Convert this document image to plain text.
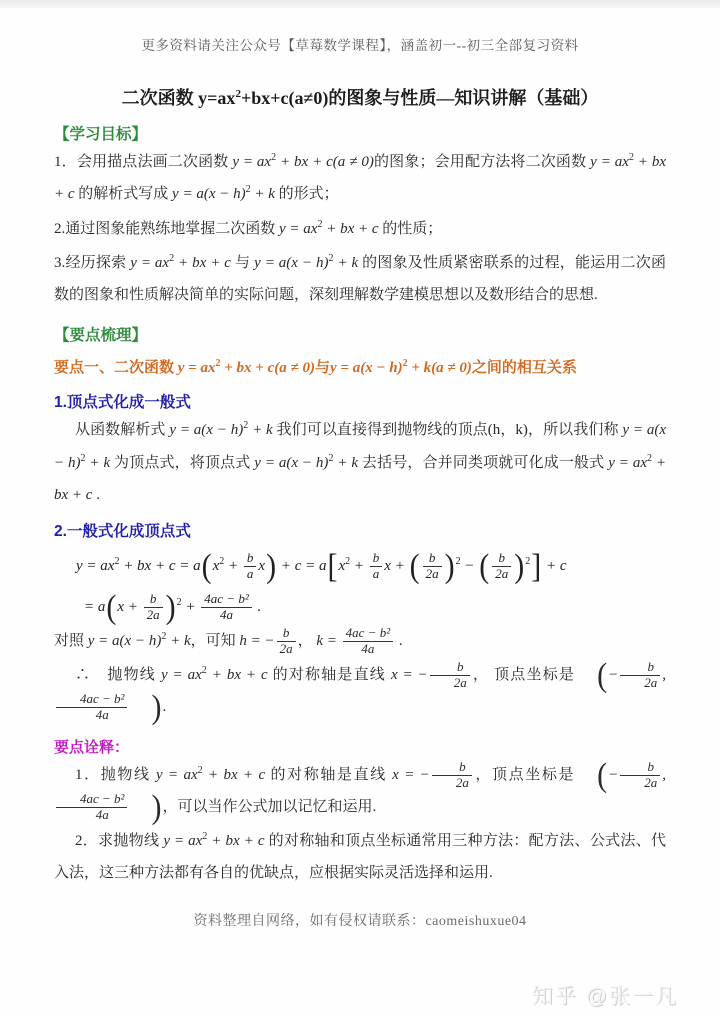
更多资料请关注公众号【草莓数学课程】，涵盖初一--初三全部复习资料
二次函数 $y=ax^2+bx+c(a\ne 0)$的图象与性质—知识讲解（基础）
【学习目标】

1．会用描点法画二次函数 $y = ax^2$ + bx + c(a ≠ 0)的图象；会用配方法将二次函数 $y = ax^2$ + bx + c 的解析式写成 $y = a(x - h)^2 + k$ 的形式；

2.通过图象能熟练地掌握二次函数 $y = ax^2$ + bx + c 的性质；

3.经历探索 $y = ax^2$ + bx + c 与 $y = a(x - h)^2 + k$ 的图象及性质紧密联系的过程，能运用二次函数的图象和性质解决简单的实际问题，深刻理解数学建模思想以及数形结合的思想.

【要点梳理】
要点一、二次函数 $y = ax^2$ + bx + c(a ≠ 0)与$y = a(x - h)^2 + k(a \ne 0)$之间的相互关系
1.顶点式化成一般式

从函数解析式 $y = a(x - h)^2 + k$ 我们可以直接得到抛物线的顶点(h，k)，所以我们称 $y = a(x - h)^2 + k$ 为顶点式，将顶点式 $y = a(x - h)^2 + k$ 去括号，合并同类项就可化成一般式 $y = ax^2$ + bx + c .

2.一般式化成顶点式
$y = ax^2$ + bx + $c = a(x^2 + \frac{b}{a} x) + c = a[x^2 + \frac{b}{a}$ x + ( $\frac{b}{2a} )^2$ − ( $\frac{b}{2a} )^2] + c$
= $a(x + \frac{b}{2a} )^2 + \frac{\text{4ac − b²}}{4a}$ .

对照 $y = a(x - h)^2 + k$，可知 h = − $\frac{b}{2a}$ ， $k = \frac{\text{4ac − b²}}{4a}$ .

∴　抛物线 $y = ax^2$ + bx + c 的对称轴是直线 x = − $\frac{b}{2a}$ ， 顶点坐标是 (− $\frac{b}{2a}$ ,
$\frac{\text{4ac − b²}}{4a}$ ).

要点诠释：

1．抛物线 $y = ax^2$ + bx + c 的对称轴是直线 x = − $\frac{b}{2a}$ ，顶点坐标是 (− $\frac{b}{2a}$ ,
$\frac{\text{4ac − b²}}{4a}$ )，可以当作公式加以记忆和运用.

2．求抛物线 $y = ax^2$ + bx + c 的对称轴和顶点坐标通常用三种方法：配方法、公式法、代入法，这三种方法都有各自的优缺点，应根据实际灵活选择和运用.

资料整理自网络，如有侵权请联系：caomeishuxue04
知乎 @张一凡
